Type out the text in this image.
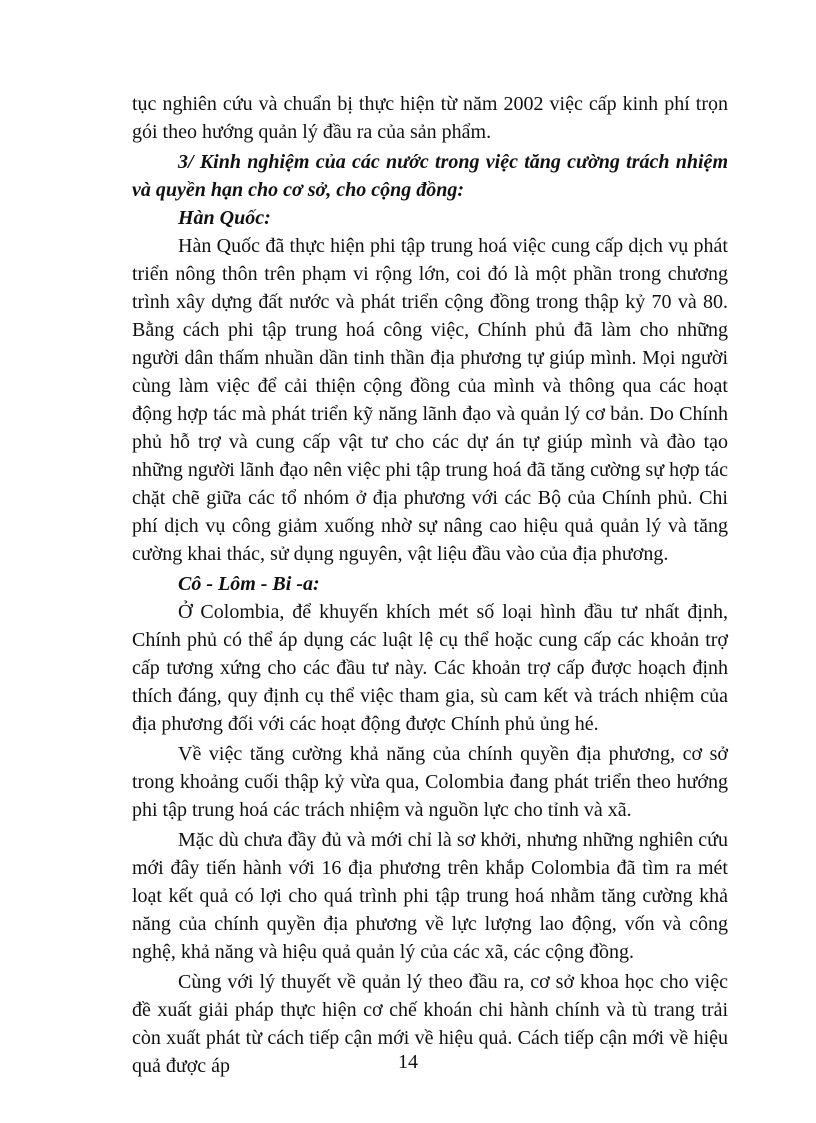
tục nghiên cứu và chuẩn bị thực hiện từ năm 2002 việc cấp kinh phí trọn gói theo hướng quản lý đầu ra của sản phẩm.

3/ Kinh nghiệm của các nước trong việc tăng cường trách nhiệm và quyền hạn cho cơ sở, cho cộng đồng:

Hàn Quốc:

Hàn Quốc đã thực hiện phi tập trung hoá việc cung cấp dịch vụ phát triển nông thôn trên phạm vi rộng lớn, coi đó là một phần trong chương trình xây dựng đất nước và phát triển cộng đồng trong thập kỷ 70 và 80. Bằng cách phi tập trung hoá công việc, Chính phủ đã làm cho những người dân thấm nhuần dần tinh thần địa phương tự giúp mình. Mọi người cùng làm việc để cải thiện cộng đồng của mình và thông qua các hoạt động hợp tác mà phát triển kỹ năng lãnh đạo và quản lý cơ bản. Do Chính phủ hỗ trợ và cung cấp vật tư cho các dự án tự giúp mình và đào tạo những người lãnh đạo nên việc phi tập trung hoá đã tăng cường sự hợp tác chặt chẽ giữa các tổ nhóm ở địa phương với các Bộ của Chính phủ. Chi phí dịch vụ công giảm xuống nhờ sự nâng cao hiệu quả quản lý và tăng cường khai thác, sử dụng nguyên, vật liệu đầu vào của địa phương.

Cô - Lôm - Bi -a:

Ở Colombia, để khuyến khích mét số loại hình đầu tư nhất định, Chính phủ có thể áp dụng các luật lệ cụ thể hoặc cung cấp các khoản trợ cấp tương xứng cho các đầu tư này. Các khoản trợ cấp được hoạch định thích đáng, quy định cụ thể việc tham gia, sù cam kết và trách nhiệm của địa phương đối với các hoạt động được Chính phủ ủng hé.

Về việc tăng cường khả năng của chính quyền địa phương, cơ sở trong khoảng cuối thập kỷ vừa qua, Colombia đang phát triển theo hướng phi tập trung hoá các trách nhiệm và nguồn lực cho tỉnh và xã.

Mặc dù chưa đầy đủ và mới chỉ là sơ khởi, nhưng những nghiên cứu mới đây tiến hành với 16 địa phương trên khắp Colombia đã tìm ra mét loạt kết quả có lợi cho quá trình phi tập trung hoá nhằm tăng cường khả năng của chính quyền địa phương về lực lượng lao động, vốn và công nghệ, khả năng và hiệu quả quản lý của các xã, các cộng đồng.

Cùng với lý thuyết về quản lý theo đầu ra, cơ sở khoa học cho việc đề xuất giải pháp thực hiện cơ chế khoán chi hành chính và tù trang trải còn xuất phát từ cách tiếp cận mới về hiệu quả. Cách tiếp cận mới về hiệu quả được áp	14
